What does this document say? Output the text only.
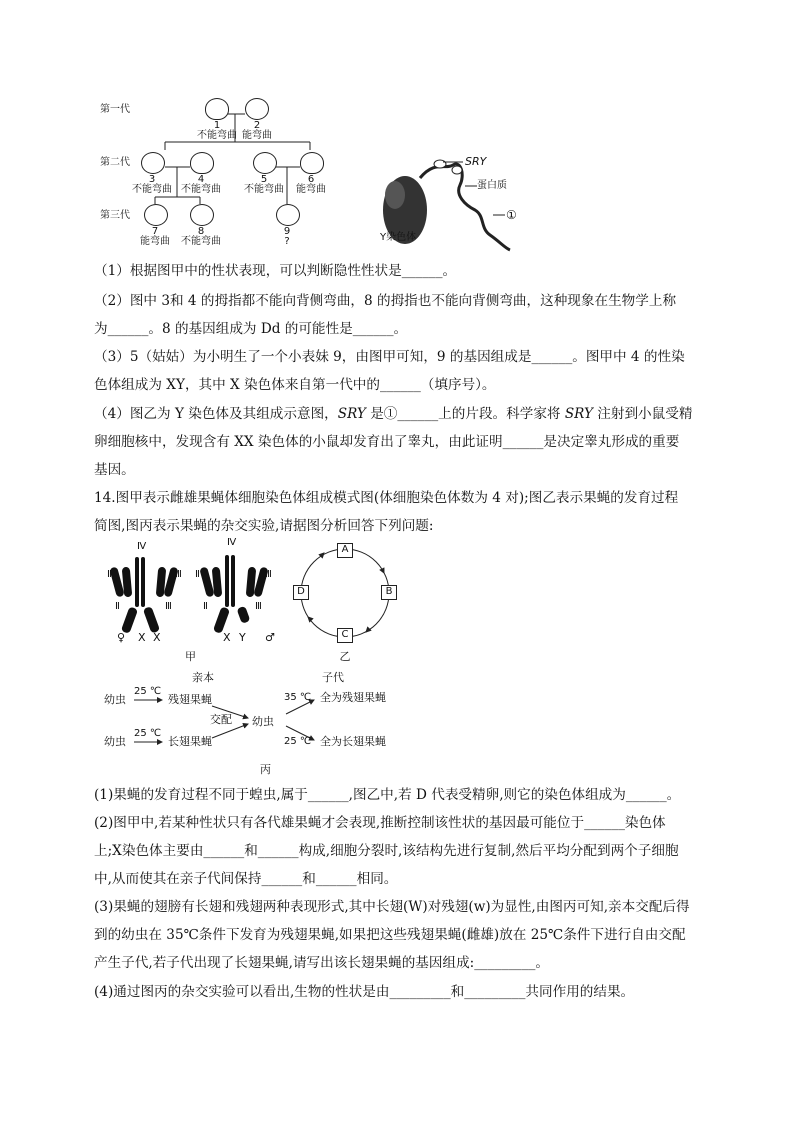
第一代
第二代
第三代
1
不能弯曲
2
能弯曲
3
不能弯曲
4
不能弯曲
5
不能弯曲
6
能弯曲
7
能弯曲
8
不能弯曲
9
?
SRY
蛋白质
①
Y染色体
（1）根据图甲中的性状表现，可以判断隐性性状是______。
（2）图中 3和 4 的拇指都不能向背侧弯曲，8 的拇指也不能向背侧弯曲，这种现象在生物学上称
为______。8 的基因组成为 Dd 的可能性是______。
（3）5（姑姑）为小明生了一个小表妹 9，由图甲可知，9 的基因组成是______。图甲中 4 的性染
色体组成为 XY，其中 X 染色体来自第一代中的______（填序号）。
（4）图乙为 Y 染色体及其组成示意图，SRY 是①______上的片段。科学家将 SRY 注射到小鼠受精
卵细胞核中，发现含有 XX 染色体的小鼠却发育出了睾丸，由此证明______是决定睾丸形成的重要
基因。
14.图甲表示雌雄果蝇体细胞染色体组成模式图(体细胞染色体数为 4 对);图乙表示果蝇的发育过程
简图,图丙表示果蝇的杂交实验,请据图分析回答下列问题:
Ⅳ
Ⅱ	Ⅲ
Ⅱ	Ⅲ
Ⅳ
Ⅱ	Ⅲ
Ⅱ	Ⅲ
♀ X X	X Y ♂
甲
A
B
C
D
乙
亲本	子代
幼虫
25 ℃
残翅果蝇
幼虫
25 ℃
长翅果蝇
交配 幼虫
35 ℃ 全为残翅果蝇
25 ℃ 全为长翅果蝇
丙
(1)果蝇的发育过程不同于蝗虫,属于______,图乙中,若 D 代表受精卵,则它的染色体组成为______。
(2)图甲中,若某种性状只有各代雄果蝇才会表现,推断控制该性状的基因最可能位于______染色体
上;X染色体主要由______和______构成,细胞分裂时,该结构先进行复制,然后平均分配到两个子细胞
中,从而使其在亲子代间保持______和______相同。
(3)果蝇的翅膀有长翅和残翅两种表现形式,其中长翅(W)对残翅(w)为显性,由图丙可知,亲本交配后得
到的幼虫在 35℃条件下发育为残翅果蝇,如果把这些残翅果蝇(雌雄)放在 25℃条件下进行自由交配
产生子代,若子代出现了长翅果蝇,请写出该长翅果蝇的基因组成:_________。
(4)通过图丙的杂交实验可以看出,生物的性状是由_________和_________共同作用的结果。
